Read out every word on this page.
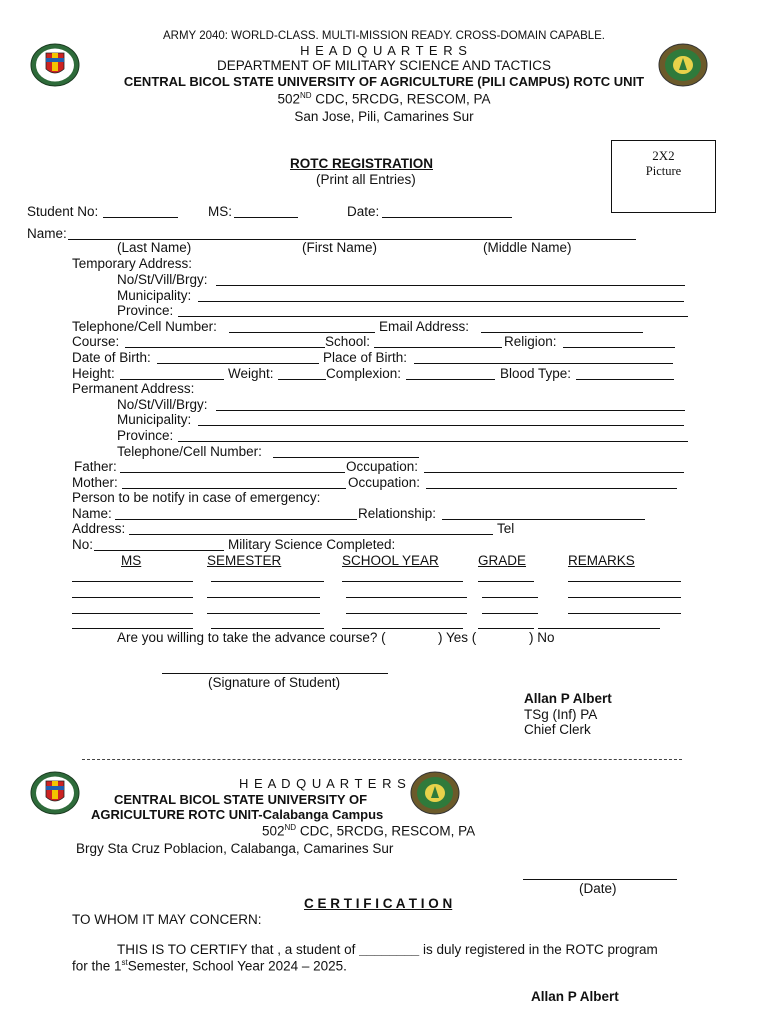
ARMY 2040: WORLD-CLASS. MULTI-MISSION READY. CROSS-DOMAIN CAPABLE.
H E A D Q U A R T E R S
DEPARTMENT OF MILITARY SCIENCE AND TACTICS
CENTRAL BICOL STATE UNIVERSITY OF AGRICULTURE (PILI CAMPUS) ROTC UNIT
502ND CDC, 5RCDG, RESCOM, PA
San Jose, Pili, Camarines Sur
2X2
Picture
ROTC REGISTRATION
(Print all Entries)
Student No:	MS:	Date:
Name:
(Last Name)	(First Name)	(Middle Name)
Temporary Address:
No/St/Vill/Brgy:
Municipality:
Province:
Telephone/Cell Number:	Email Address:
Course:	School:	Religion:
Date of Birth:	Place of Birth:
Height:	Weight:	Complexion:	Blood Type:
Permanent Address:
No/St/Vill/Brgy:
Municipality:
Province:
Telephone/Cell Number:
Father:	Occupation:
Mother:	Occupation:
Person to be notify in case of emergency:
Name:	Relationship:
Address:	Tel
No:	Military Science Completed:
MS	SEMESTER	SCHOOL YEAR	GRADE	REMARKS
Are you willing to take the advance course? (	) Yes (	) No
(Signature of Student)
Allan P Albert
TSg (Inf) PA
Chief Clerk
H E A D Q U A R T E R S
CENTRAL BICOL STATE UNIVERSITY OF
AGRICULTURE ROTC UNIT-Calabanga Campus
502ND CDC, 5RCDG, RESCOM, PA
Brgy Sta Cruz Poblacion, Calabanga, Camarines Sur
(Date)
C E R T I F I C A T I O N
TO WHOM IT MAY CONCERN:
THIS IS TO CERTIFY that , a student of ________ is duly registered in the ROTC program
for the 1stSemester, School Year 2024 – 2025.
Allan P Albert
